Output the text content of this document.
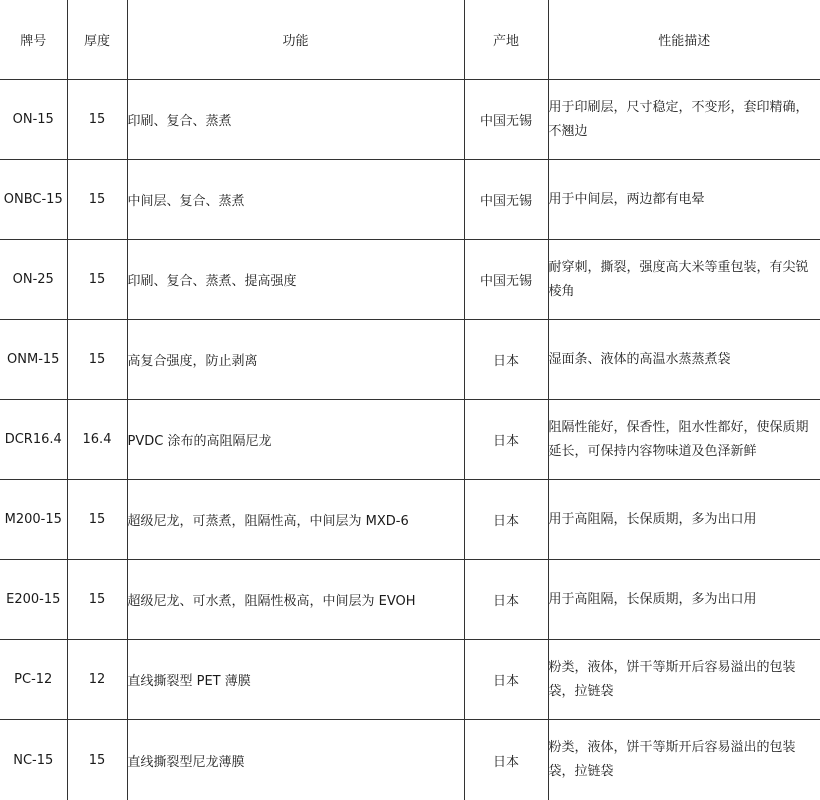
牌号	厚度	功能	产地	性能描述
ON-15	15	印刷、复合、蒸煮	中国无锡	用于印刷层，尺寸稳定，不变形，套印精确，不翘边
ONBC-15	15	中间层、复合、蒸煮	中国无锡	用于中间层，两边都有电晕
ON-25	15	印刷、复合、蒸煮、提高强度	中国无锡	耐穿刺，撕裂，强度高大米等重包装，有尖锐棱角
ONM-15	15	高复合强度，防止剥离	日本	湿面条、液体的高温水蒸蒸煮袋
DCR16.4	16.4	PVDC 涂布的高阻隔尼龙	日本	阻隔性能好，保香性，阻水性都好，使保质期延长，可保持内容物味道及色泽新鲜
M200-15	15	超级尼龙，可蒸煮，阻隔性高，中间层为 MXD-6	日本	用于高阻隔，长保质期，多为出口用
E200-15	15	超级尼龙、可水煮，阻隔性极高，中间层为 EVOH	日本	用于高阻隔，长保质期，多为出口用
PC-12	12	直线撕裂型 PET 薄膜	日本	粉类，液体，饼干等斯开后容易溢出的包装袋，拉链袋
NC-15	15	直线撕裂型尼龙薄膜	日本	粉类，液体，饼干等斯开后容易溢出的包装袋，拉链袋
